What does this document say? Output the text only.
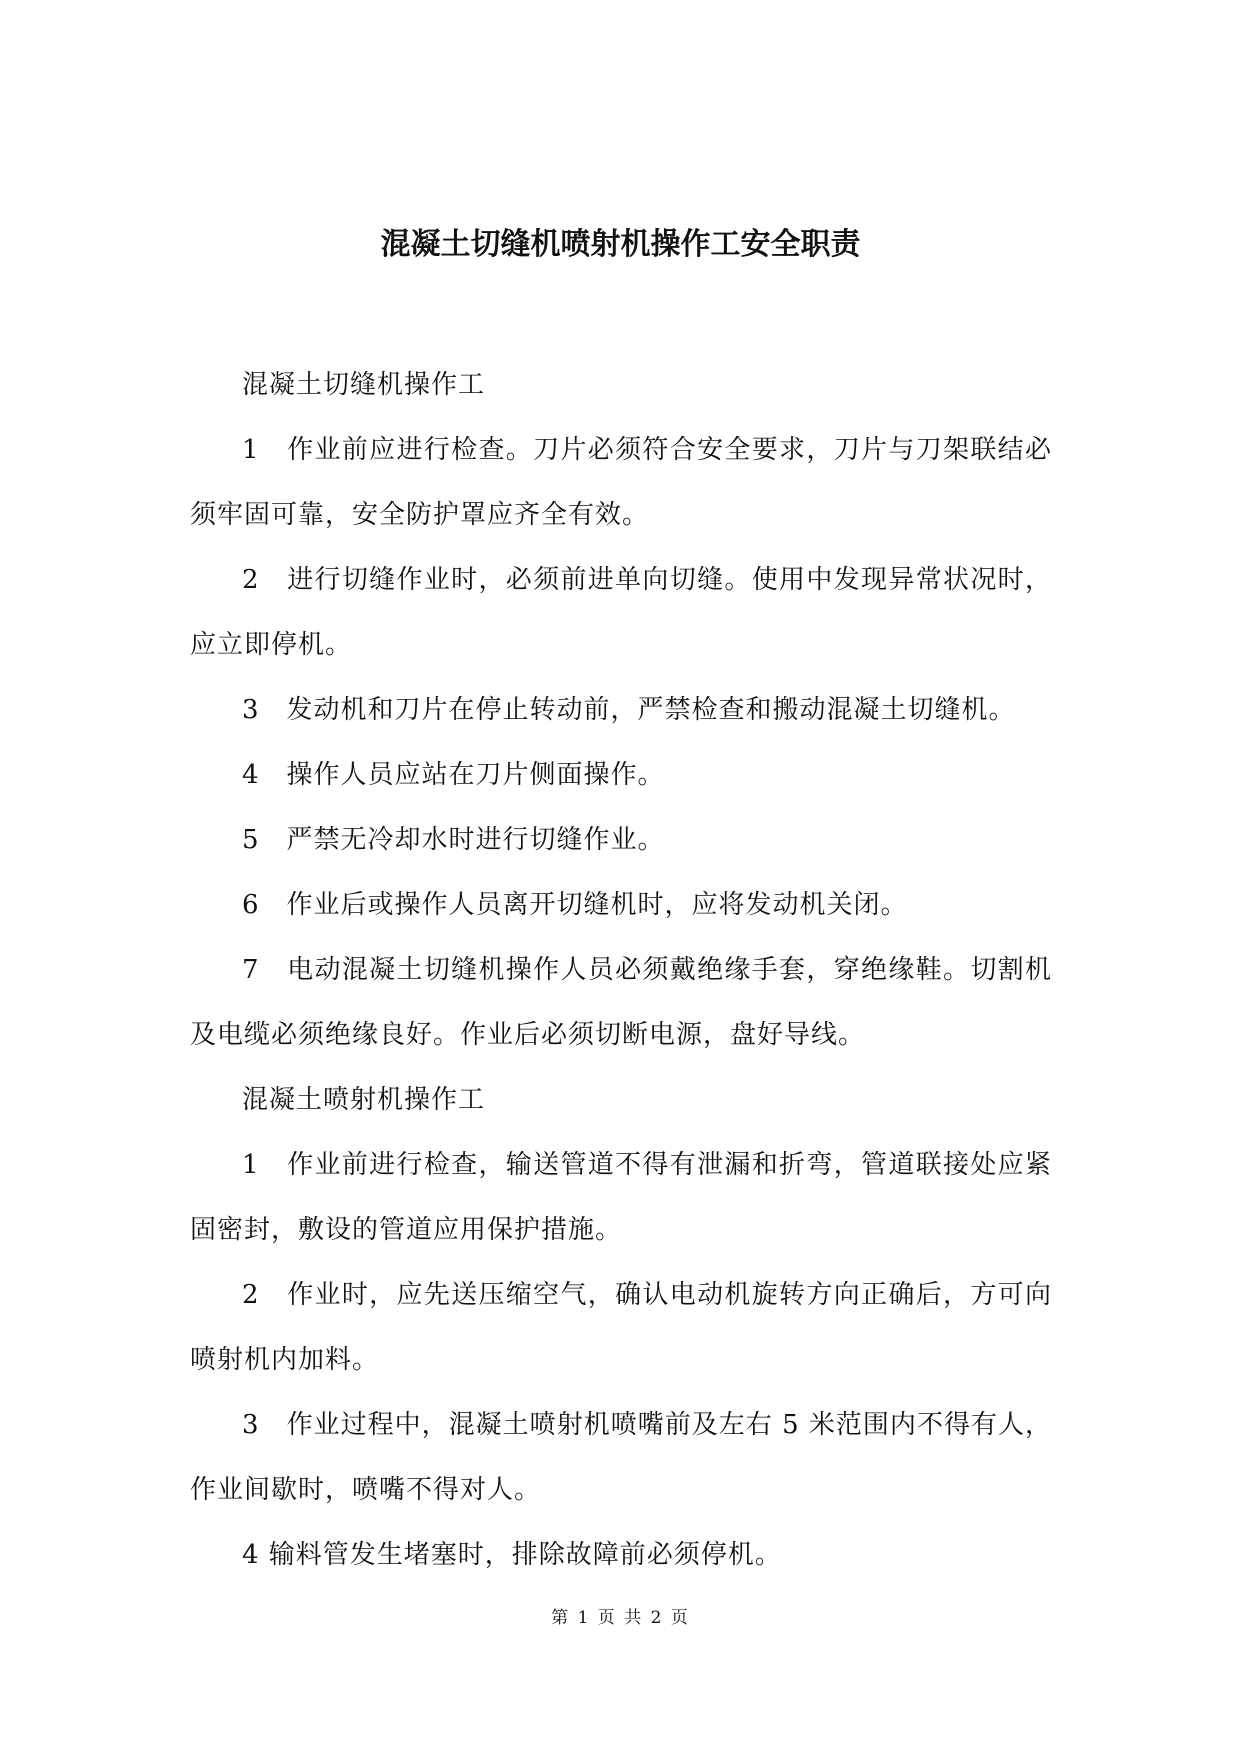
混凝土切缝机喷射机操作工安全职责

混凝土切缝机操作工

1　作业前应进行检查。刀片必须符合安全要求，刀片与刀架联结必须牢固可靠，安全防护罩应齐全有效。

2　进行切缝作业时，必须前进单向切缝。使用中发现异常状况时，应立即停机。

3　发动机和刀片在停止转动前，严禁检查和搬动混凝土切缝机。

4　操作人员应站在刀片侧面操作。

5　严禁无冷却水时进行切缝作业。

6　作业后或操作人员离开切缝机时，应将发动机关闭。

7　电动混凝土切缝机操作人员必须戴绝缘手套，穿绝缘鞋。切割机及电缆必须绝缘良好。作业后必须切断电源，盘好导线。

混凝土喷射机操作工

1　作业前进行检查，输送管道不得有泄漏和折弯，管道联接处应紧固密封，敷设的管道应用保护措施。

2　作业时，应先送压缩空气，确认电动机旋转方向正确后，方可向喷射机内加料。

3　作业过程中，混凝土喷射机喷嘴前及左右 5 米范围内不得有人，作业间歇时，喷嘴不得对人。

4 输料管发生堵塞时，排除故障前必须停机。

第 1 页 共 2 页
